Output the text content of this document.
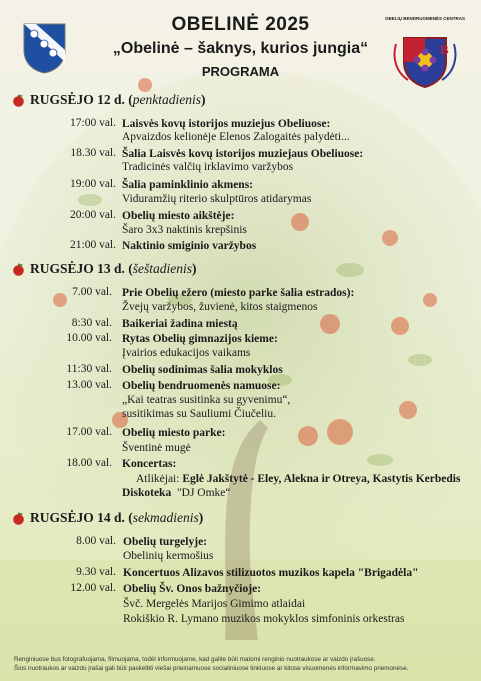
B
OBELIŲ BENDRUOMENĖS CENTRAS
OBELINĖ 2025
„Obelinė – šaknys, kurios jungia“
PROGRAMA
RUGSĖJO 12 d. ( penktadienis )
17:00 val. Laisvės kovų istorijos muziejus Obeliuose:
Apvaizdos kelionėje Elenos Zalogaitės palydėti...
18.30 val. Šalia Laisvės kovų istorijos muziejaus Obeliuose:
Tradicinės valčių irklavimo varžybos
19:00 val. Šalia paminklinio akmens:
Viduramžių riterio skulptūros atidarymas
20:00 val. Obelių miesto aikštėje:
Šaro 3x3 naktinis krepšinis
21:00 val. Naktinio smiginio varžybos
RUGSĖJO 13 d. ( šeštadienis )
7.00 val. Prie Obelių ežero (miesto parke šalia estrados):
Žvejų varžybos, žuvienė, kitos staigmenos
8:30 val. Baikeriai žadina miestą
10.00 val. Rytas Obelių gimnazijos kieme:
Įvairios edukacijos vaikams
11:30 val. Obelių sodinimas šalia mokyklos
13.00 val. Obelių bendruomenės namuose:
„Kai teatras susitinka su gyvenimu“,
susitikimas su Sauliumi Čiučeliu.
17.00 val. Obelių miesto parke:
Šventinė mugė
18.00 val. Koncertas:
Atlikėjai: Eglė Jakštytė - Eley, Alekna ir Otreya, Kastytis Kerbedis
Diskoteka "DJ Omke“
RUGSĖJO 14 d. ( sekmadienis )
8.00 val. Obelių turgelyje:
Obelinių kermošius
9.30 val. Koncertuos Alizavos stilizuotos muzikos kapela "Brigadėla"
12.00 val. Obelių Šv. Onos bažnyčioje:
Švč. Mergelės Marijos Gimimo atlaidai
Rokiškio R. Lymano muzikos mokyklos simfoninis orkestras
Renginiuose bus fotografuojama, filmuojama, todėl informuojame, kad galite būti matomi renginio nuotraukose ar vaizdo įrašuose.
Šios nuotraukos ar vaizdo įrašai gali būti paskelbti viešai prieinamuose socialiniuose tinkluose ar kitose visuomenės informavimo priemonėse.
